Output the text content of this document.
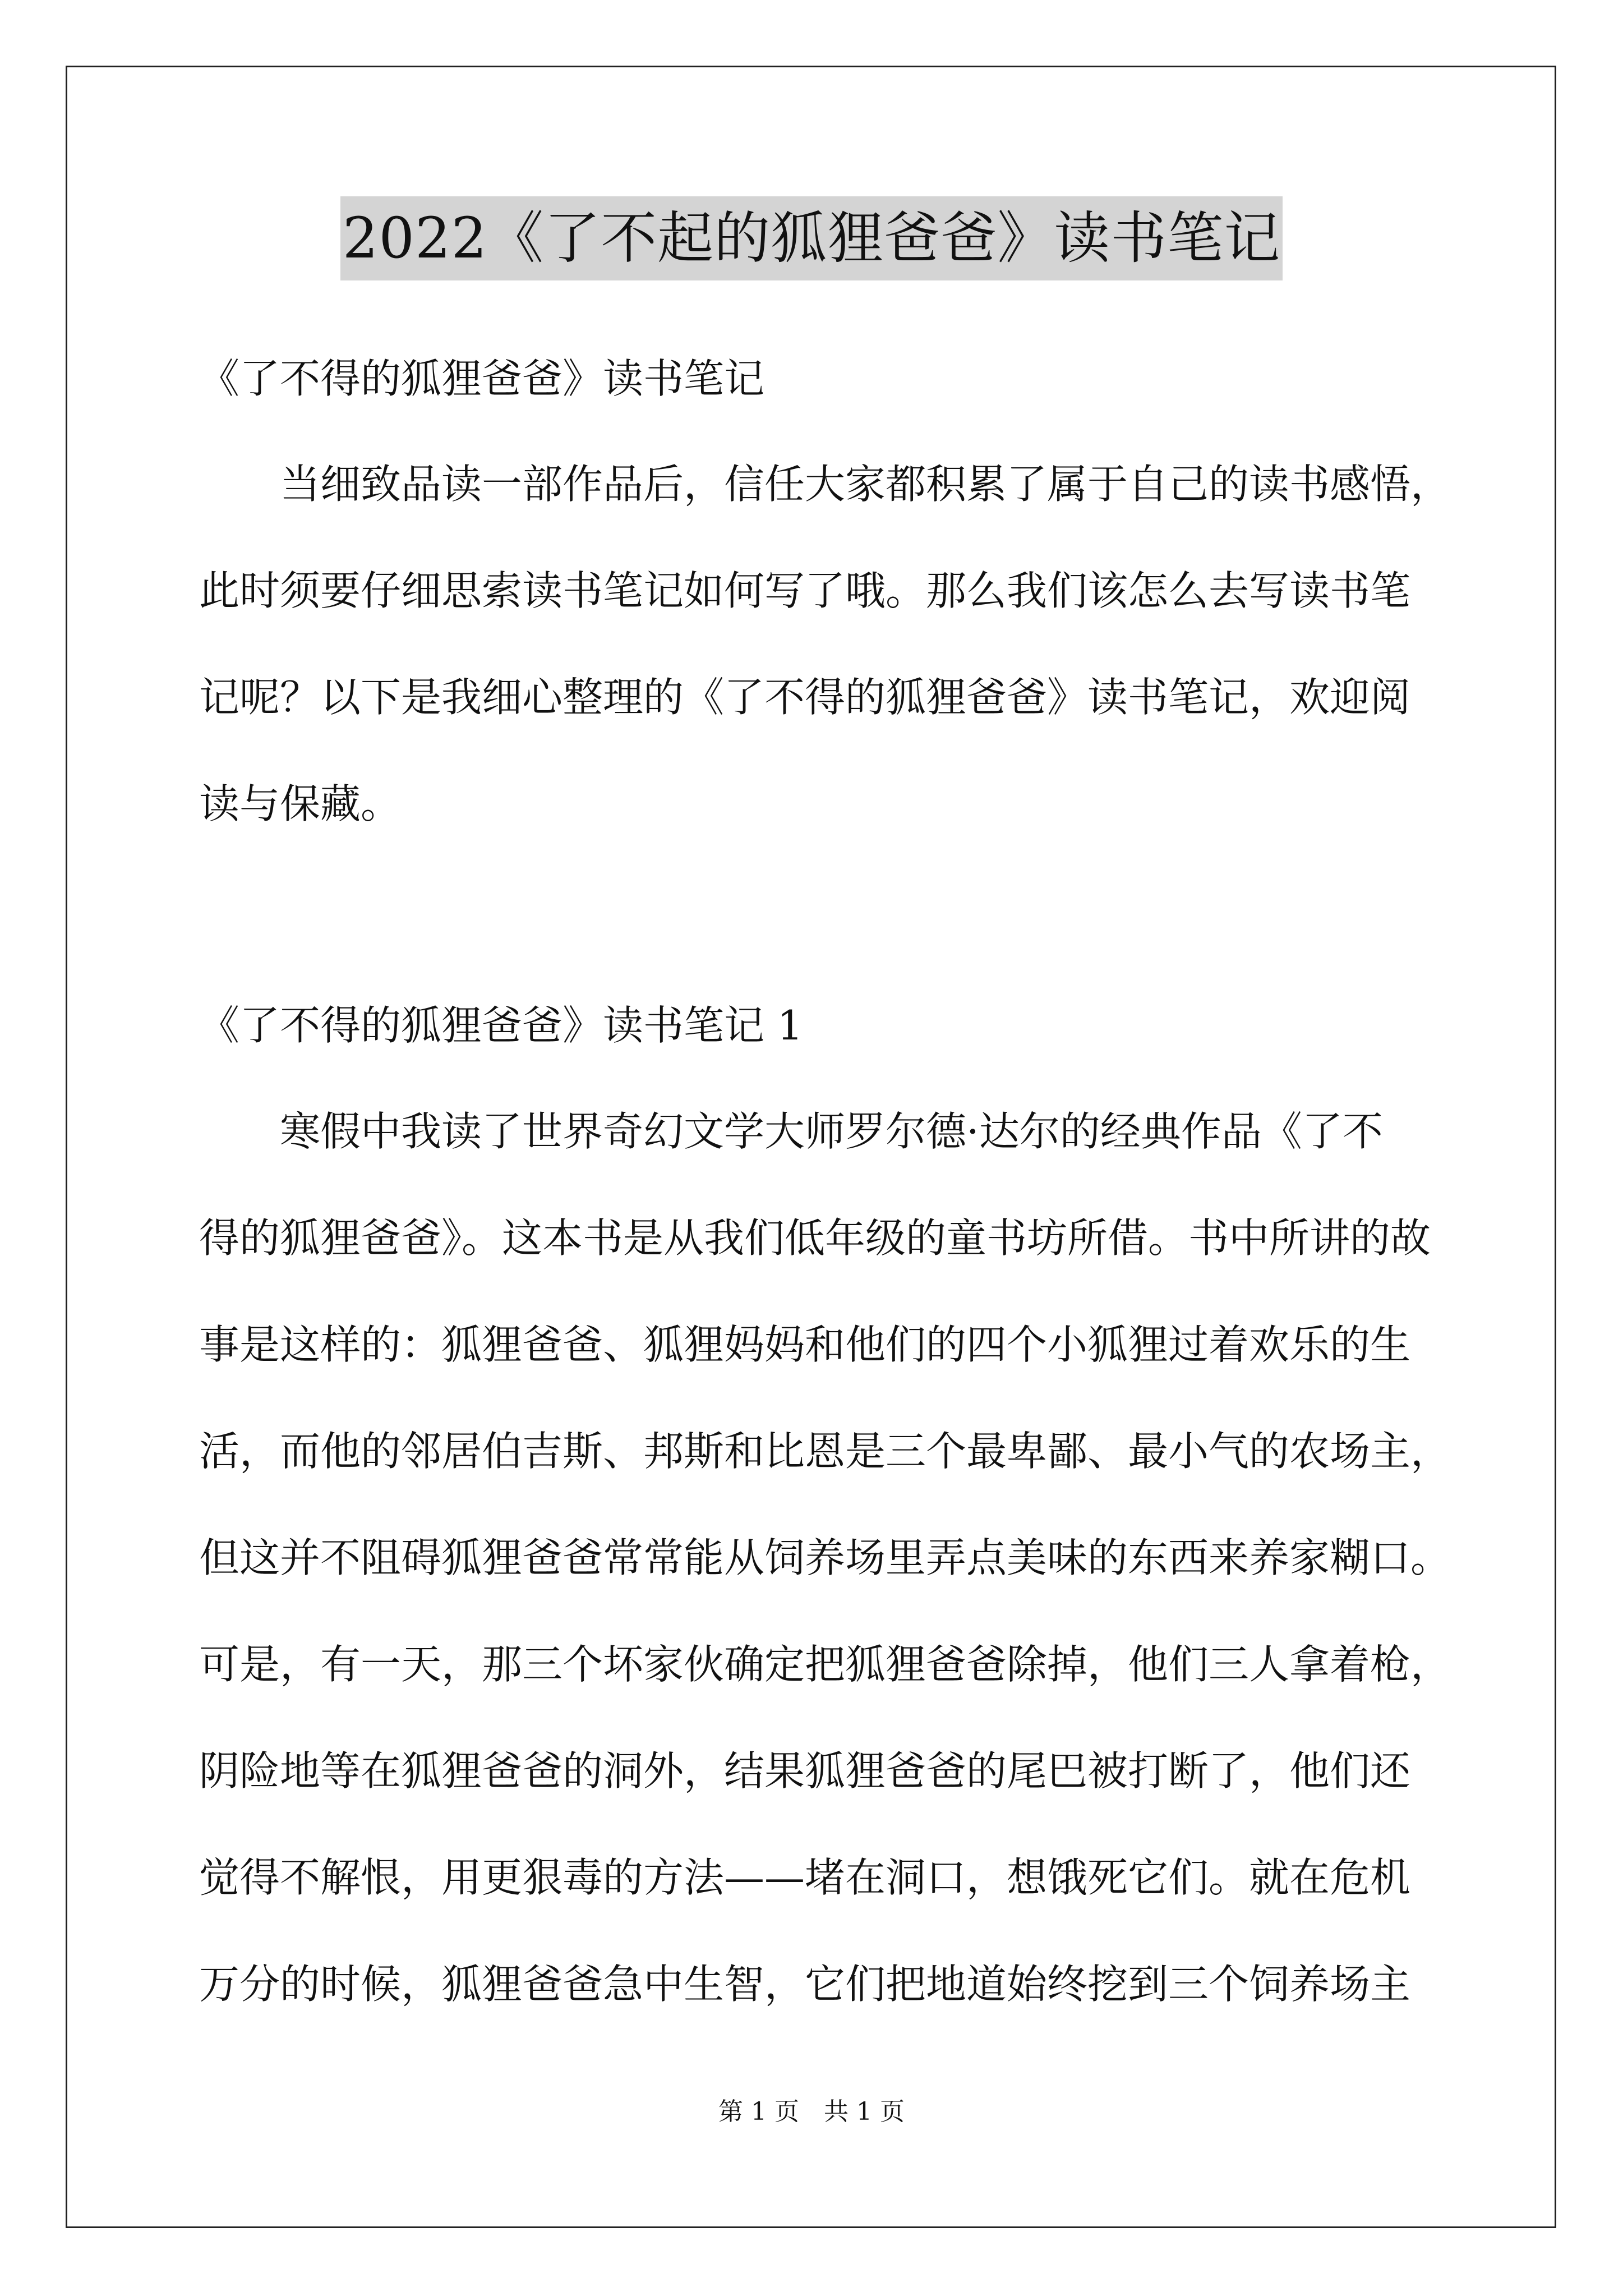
2022《了不起的狐狸爸爸》读书笔记
《了不得的狐狸爸爸》读书笔记

　　当细致品读一部作品后，信任大家都积累了属于自己的读书感悟，
此时须要仔细思索读书笔记如何写了哦。那么我们该怎么去写读书笔
记呢？以下是我细心整理的《了不得的狐狸爸爸》读书笔记，欢迎阅
读与保藏。

《了不得的狐狸爸爸》读书笔记 1

　　寒假中我读了世界奇幻文学大师罗尔德·达尔的经典作品《了不
得的狐狸爸爸》。这本书是从我们低年级的童书坊所借。书中所讲的故
事是这样的：狐狸爸爸、狐狸妈妈和他们的四个小狐狸过着欢乐的生
活，而他的邻居伯吉斯、邦斯和比恩是三个最卑鄙、最小气的农场主，
但这并不阻碍狐狸爸爸常常能从饲养场里弄点美味的东西来养家糊口。
可是，有一天，那三个坏家伙确定把狐狸爸爸除掉，他们三人拿着枪，
阴险地等在狐狸爸爸的洞外，结果狐狸爸爸的尾巴被打断了，他们还
觉得不解恨，用更狠毒的方法——堵在洞口，想饿死它们。就在危机
万分的时候，狐狸爸爸急中生智，它们把地道始终挖到三个饲养场主

第 1 页　共 1 页
